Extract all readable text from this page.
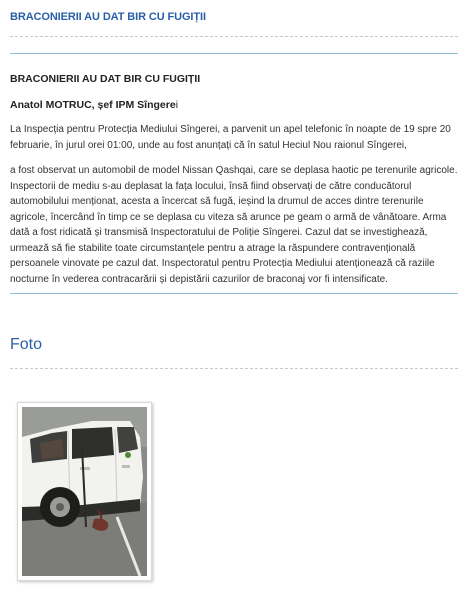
BRACONIERII AU DAT BIR CU FUGIȚII
BRACONIERII AU DAT BIR CU FUGIȚII
Anatol MOTRUC, șef IPM Sîngerei

La Inspecția pentru Protecția Mediului Sîngerei, a parvenit un apel telefonic în noapte de 19 spre 20 februarie, în jurul orei 01:00, unde au fost anunțați că în satul Heciul Nou raionul Sîngerei,

a fost observat un automobil de model Nissan Qashqai, care se deplasa haotic pe terenurile agricole. Inspectorii de mediu s-au deplasat la fața locului, însă fiind observați de către conducătorul automobilului menționat, acesta a încercat să fugă, ieșind la drumul de acces dintre terenurile agricole, încercând în timp ce se deplasa cu viteza să arunce pe geam o armă de vânătoare. Arma dată a fost ridicată și transmisă Inspectoratului de Poliție Sîngerei. Cazul dat se investighează, urmează să fie stabilite toate circumstanțele pentru a atrage la răspundere contravențională persoanele vinovate pe cazul dat. Inspectoratul pentru Protecția Mediului atenționează că raziile nocturne în vederea contracarării și depistării cazurilor de braconaj vor fi intensificate.

Foto
